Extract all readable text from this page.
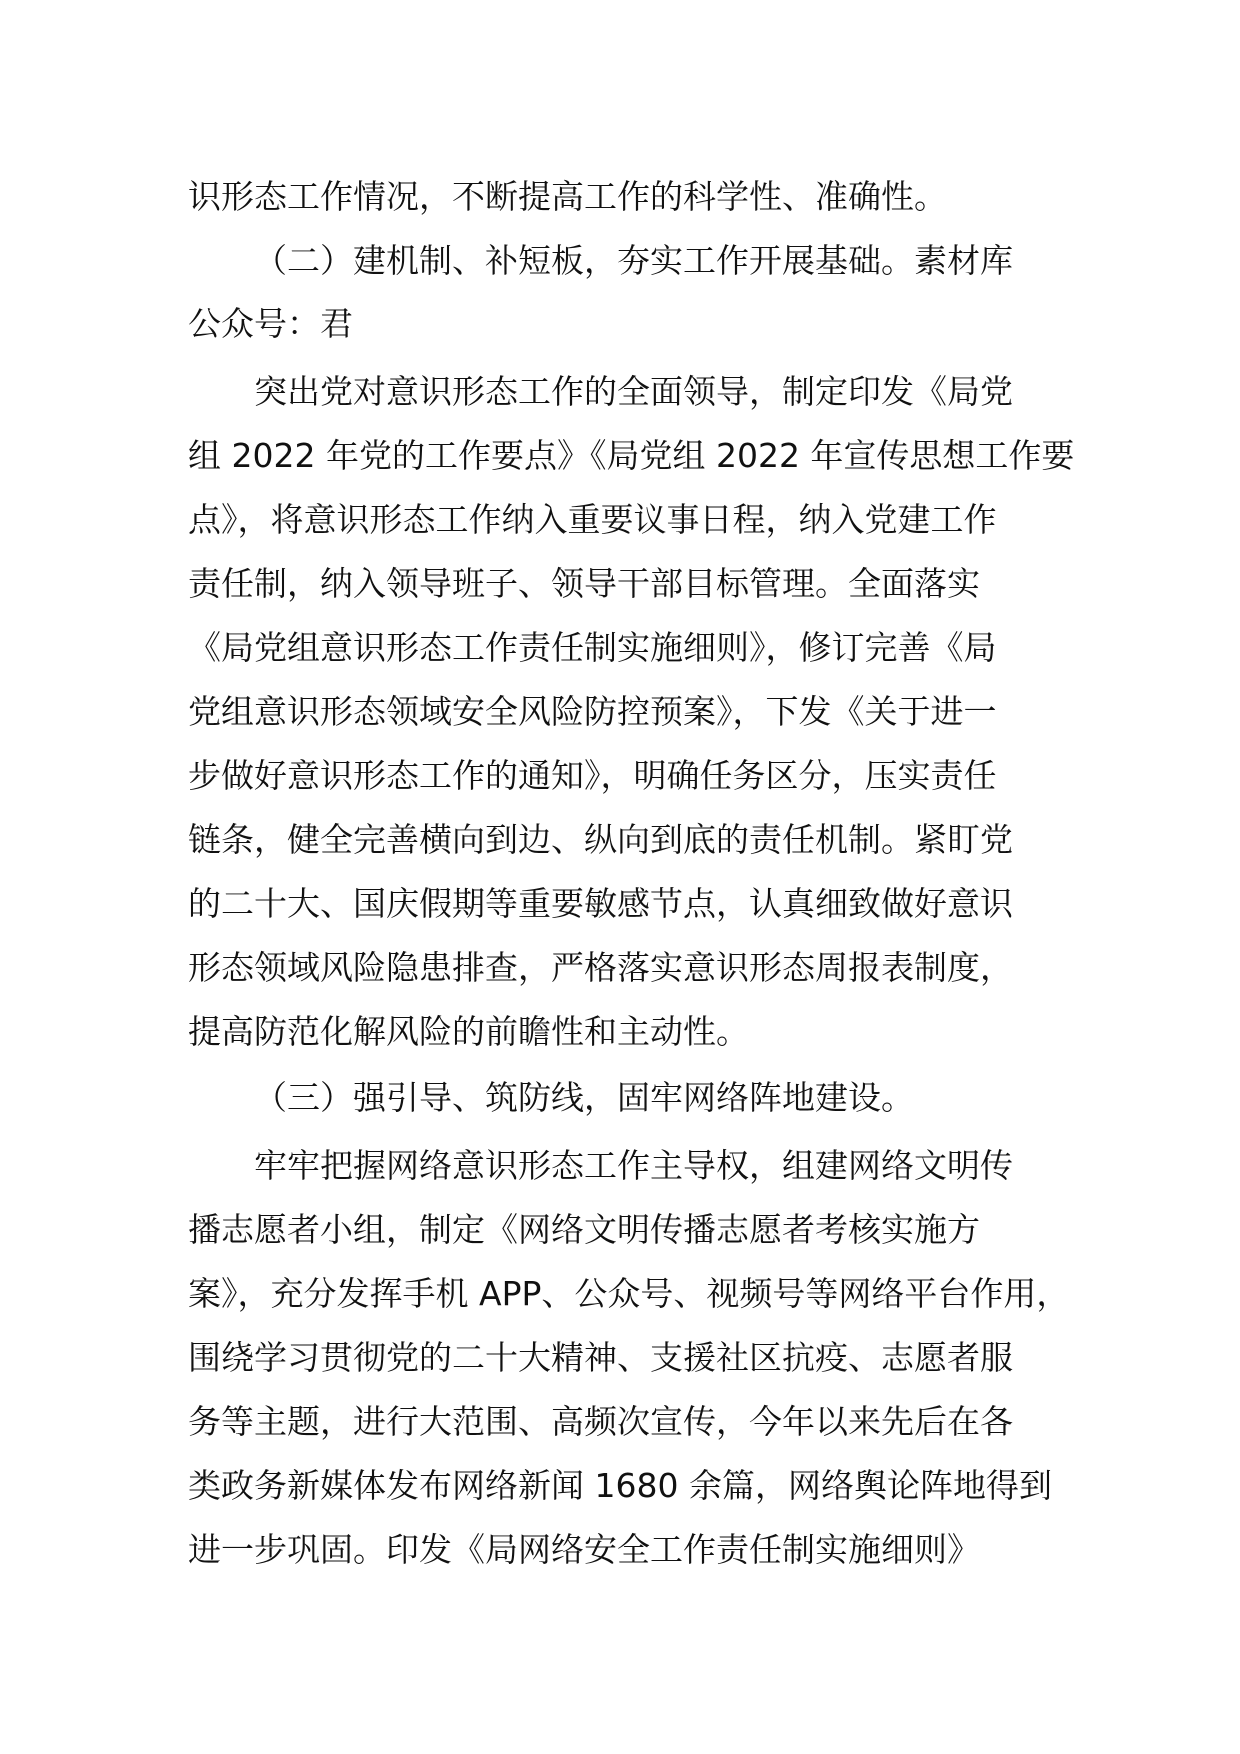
识形态工作情况，不断提高工作的科学性、准确性。
（二）建机制、补短板，夯实工作开展基础。素材库
公众号：君
突出党对意识形态工作的全面领导，制定印发《局党
组 2022 年党的工作要点》《局党组 2022 年宣传思想工作要
点》，将意识形态工作纳入重要议事日程，纳入党建工作
责任制，纳入领导班子、领导干部目标管理。全面落实
《局党组意识形态工作责任制实施细则》，修订完善《局
党组意识形态领域安全风险防控预案》，下发《关于进一
步做好意识形态工作的通知》，明确任务区分，压实责任
链条，健全完善横向到边、纵向到底的责任机制。紧盯党
的二十大、国庆假期等重要敏感节点，认真细致做好意识
形态领域风险隐患排查，严格落实意识形态周报表制度，
提高防范化解风险的前瞻性和主动性。
（三）强引导、筑防线，固牢网络阵地建设。
牢牢把握网络意识形态工作主导权，组建网络文明传
播志愿者小组，制定《网络文明传播志愿者考核实施方
案》，充分发挥手机 APP、公众号、视频号等网络平台作用，
围绕学习贯彻党的二十大精神、支援社区抗疫、志愿者服
务等主题，进行大范围、高频次宣传，今年以来先后在各
类政务新媒体发布网络新闻 1680 余篇，网络舆论阵地得到
进一步巩固。印发《局网络安全工作责任制实施细则》
